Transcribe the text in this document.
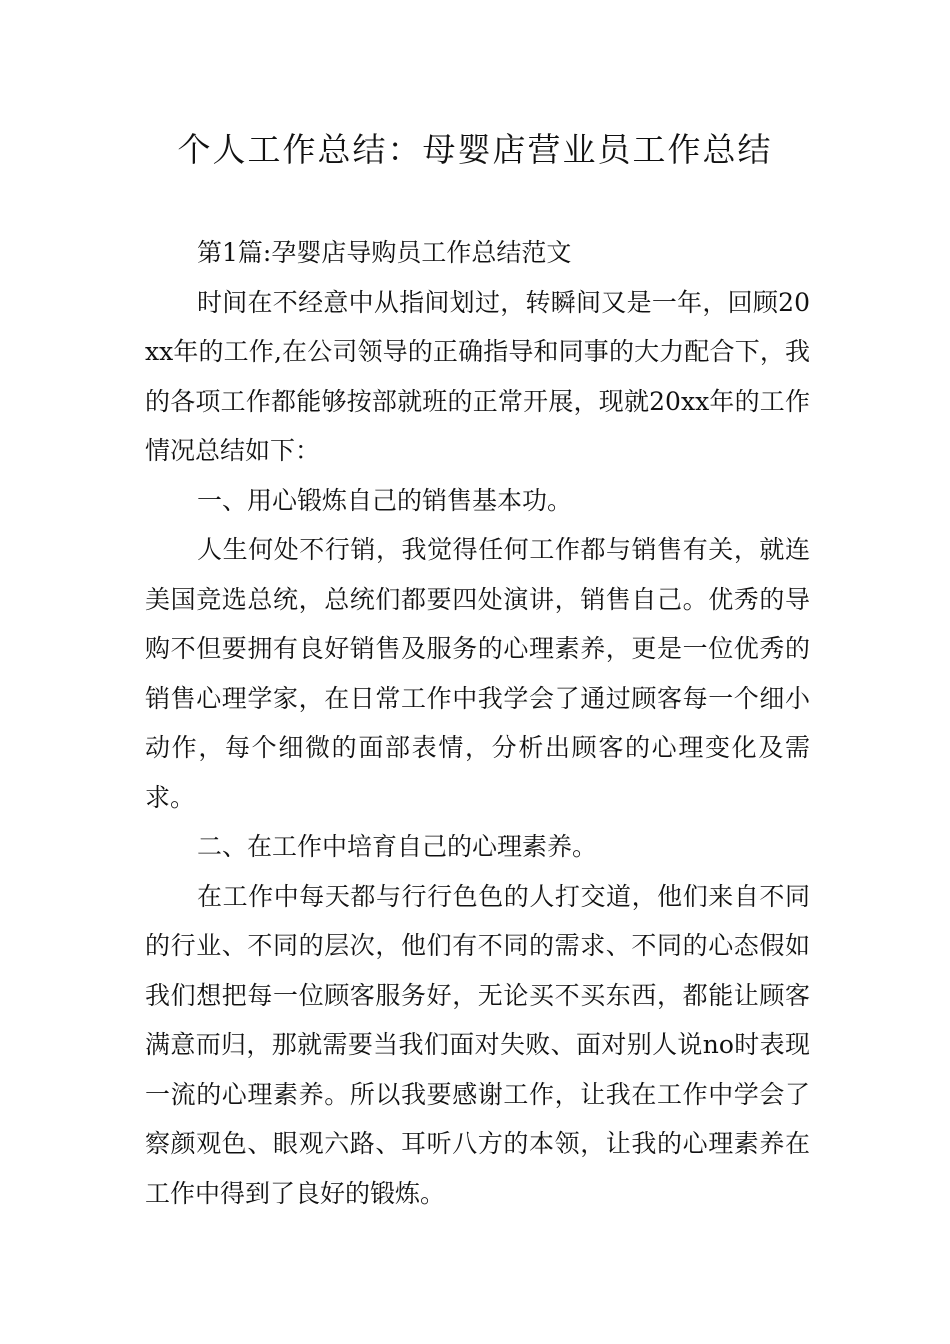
个人工作总结：母婴店营业员工作总结

第1篇:孕婴店导购员工作总结范文

时间在不经意中从指间划过，转瞬间又是一年，回顾20xx年的工作,在公司领导的正确指导和同事的大力配合下，我的各项工作都能够按部就班的正常开展，现就20xx年的工作情况总结如下：

一、用心锻炼自己的销售基本功。

人生何处不行销，我觉得任何工作都与销售有关，就连美国竞选总统，总统们都要四处演讲，销售自己。优秀的导购不但要拥有良好销售及服务的心理素养，更是一位优秀的销售心理学家，在日常工作中我学会了通过顾客每一个细小动作，每个细微的面部表情，分析出顾客的心理变化及需求。

二、在工作中培育自己的心理素养。

在工作中每天都与行行色色的人打交道，他们来自不同的行业、不同的层次，他们有不同的需求、不同的心态假如我们想把每一位顾客服务好，无论买不买东西，都能让顾客满意而归，那就需要当我们面对失败、面对别人说no时表现一流的心理素养。所以我要感谢工作，让我在工作中学会了察颜观色、眼观六路、耳听八方的本领，让我的心理素养在工作中得到了良好的锻炼。
